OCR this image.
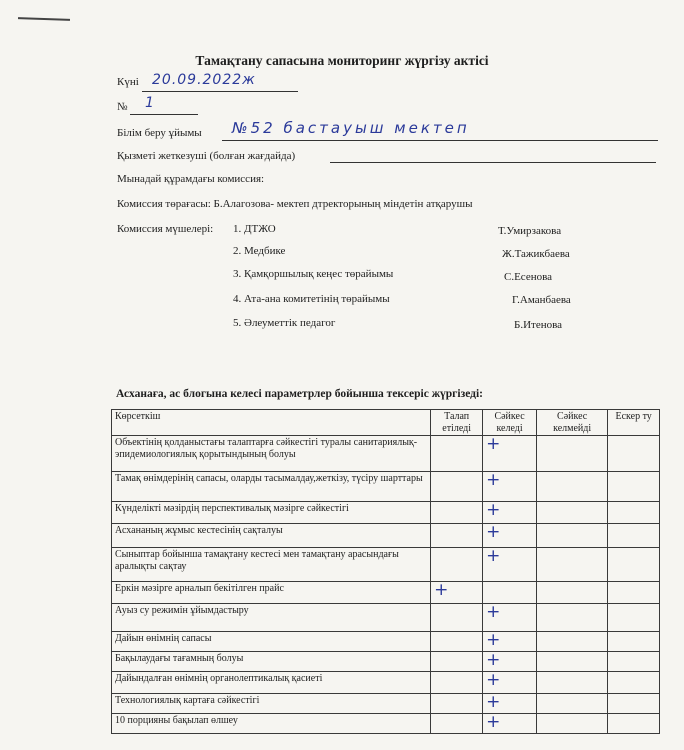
Тамақтану сапасына мониторинг жүргізу актісі
Күні 20.09.2022ж
№ 1
Білім беру ұйымы №52 бастауыш мектеп
Қызметі жеткезуші (болған жағдайда)
Мынадай құрамдағы комиссия:
Комиссия төрағасы: Б.Алагозова- мектеп дтректорының міндетін атқарушы
Комиссия мүшелері: 1. ДТЖО	Т.Умирзакова
2. Медбике	Ж.Тажикбаева
3. Қамқоршылық кеңес төрайымы	С.Есенова
4. Ата-ана комитетінің төрайымы	Г.Аманбаева
5. Әлеуметтік педагог	Б.Итенова
Асханаға, ас блогына келесі параметрлер бойынша тексеріс жүргізеді:
Көрсеткіш	Талап етіледі	Сәйкес келеді	Сәйкес келмейді	Ескер ту
Объектінің қолданыстағы талаптарға сәйкестігі туралы санитариялық- эпидемиологиялық қорытындының болуы		+		
Тамақ өнімдерінің сапасы, оларды тасымалдау,жеткізу, түсіру шарттары		+		
Күнделікті мәзірдің перспективалық мәзірге сәйкестігі		+		
Асхананың жұмыс кестесінің сақталуы		+		
Сыныптар бойынша тамақтану кестесі мен тамақтану арасындағы аралықты сақтау		+		
Еркін мәзірге арналып бекітілген прайс	+			
Ауыз су режимін ұйымдастыру		+		
Дайын өнімнің сапасы		+		
Бақылаудағы тағамның болуы		+		
Дайындалған өнімнің органолептикалық қасиеті		+		
Технологиялық картаға сәйкестігі		+		
10 порцияны бақылап өлшеу		+		
